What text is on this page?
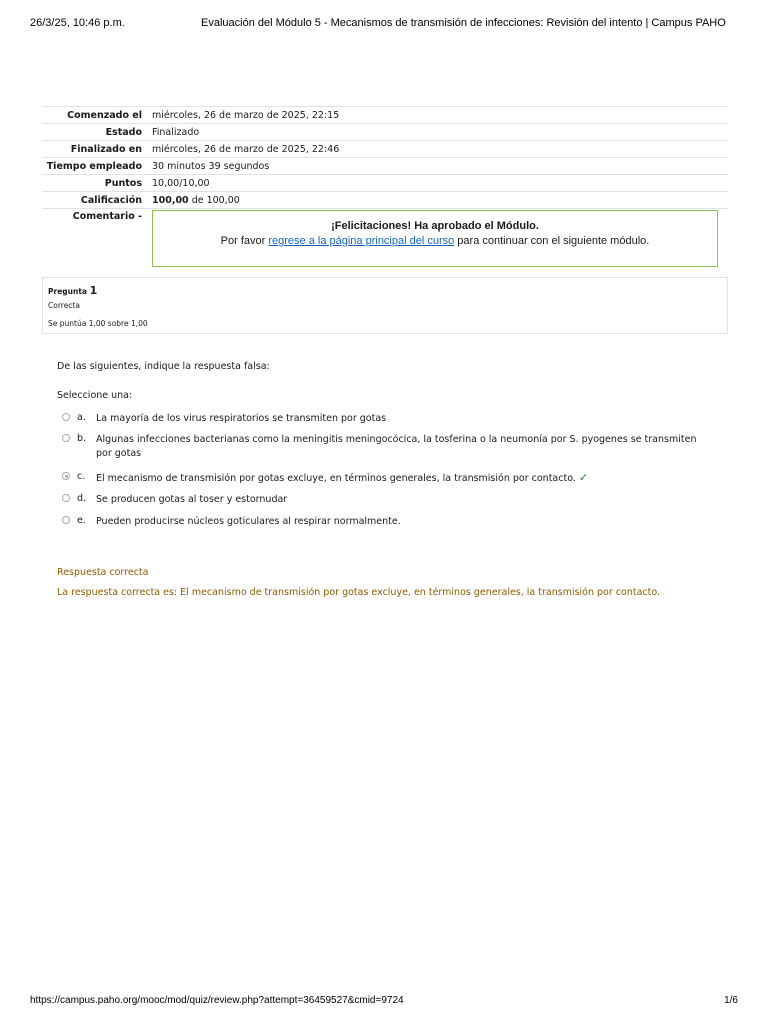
26/3/25, 10:46 p.m.	Evaluación del Módulo 5 - Mecanismos de transmisión de infecciones: Revisión del intento | Campus PAHO
Comenzado el	miércoles, 26 de marzo de 2025, 22:15
Estado	Finalizado
Finalizado en	miércoles, 26 de marzo de 2025, 22:46
Tiempo empleado	30 minutos 39 segundos
Puntos	10,00/10,00
Calificación	100,00 de 100,00
Comentario -	¡Felicitaciones! Ha aprobado el Módulo.
Por favor regrese a la página principal del curso para continuar con el siguiente módulo.
Pregunta 1
Correcta
Se puntúa 1,00 sobre 1,00
De las siguientes, indique la respuesta falsa:
Seleccione una:
a. La mayoría de los virus respiratorios se transmiten por gotas
b. Algunas infecciones bacterianas como la meningitis meningocócica, la tosferina o la neumonía por S. pyogenes se transmiten por gotas
c. El mecanismo de transmisión por gotas excluye, en términos generales, la transmisión por contacto. ✓
d. Se producen gotas al toser y estornudar
e. Pueden producirse núcleos goticulares al respirar normalmente.
Respuesta correcta
La respuesta correcta es: El mecanismo de transmisión por gotas excluye, en términos generales, la transmisión por contacto.
https://campus.paho.org/mooc/mod/quiz/review.php?attempt=36459527&cmid=9724	1/6
